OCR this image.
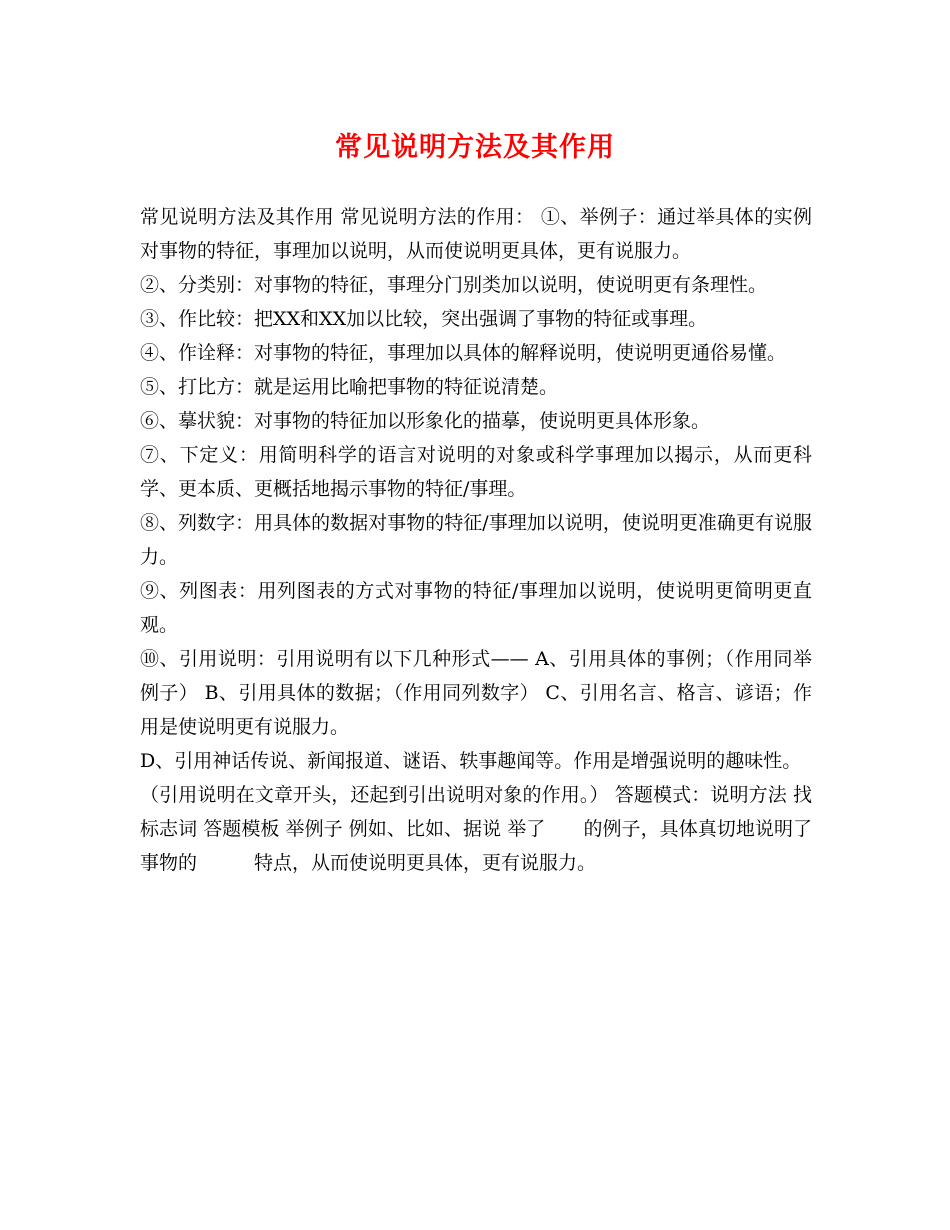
常见说明方法及其作用

常见说明方法及其作用 常见说明方法的作用： ①、举例子：通过举具体的实例对事物的特征，事理加以说明，从而使说明更具体，更有说服力。

②、分类别：对事物的特征，事理分门别类加以说明，使说明更有条理性。

③、作比较：把XX和XX加以比较，突出强调了事物的特征或事理。

④、作诠释：对事物的特征，事理加以具体的解释说明，使说明更通俗易懂。

⑤、打比方：就是运用比喻把事物的特征说清楚。

⑥、摹状貌：对事物的特征加以形象化的描摹，使说明更具体形象。

⑦、下定义：用简明科学的语言对说明的对象或科学事理加以揭示，从而更科学、更本质、更概括地揭示事物的特征/事理。

⑧、列数字：用具体的数据对事物的特征/事理加以说明，使说明更准确更有说服力。

⑨、列图表：用列图表的方式对事物的特征/事理加以说明，使说明更简明更直观。

⑩、引用说明：引用说明有以下几种形式—— A、引用具体的事例；（作用同举例子） B、引用具体的数据；（作用同列数字） C、引用名言、格言、谚语；作用是使说明更有说服力。

D、引用神话传说、新闻报道、谜语、轶事趣闻等。作用是增强说明的趣味性。

（引用说明在文章开头，还起到引出说明对象的作用。） 答题模式：说明方法 找标志词 答题模板 举例子 例如、比如、据说 举了　　的例子，具体真切地说明了事物的　　　特点，从而使说明更具体，更有说服力。
